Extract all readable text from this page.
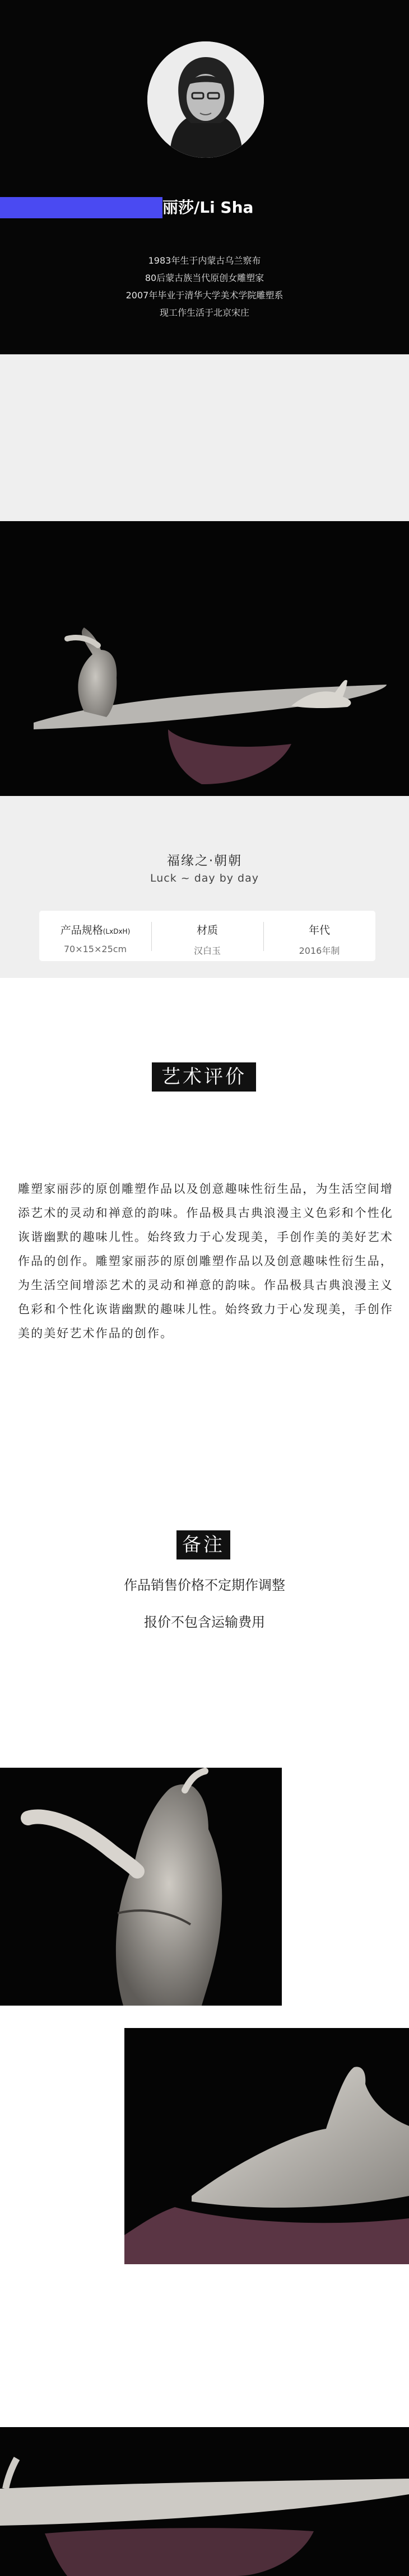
丽莎/Li Sha
1983年生于内蒙古乌兰察布
80后蒙古族当代原创女雕塑家
2007年毕业于清华大学美术学院雕塑系
现工作生活于北京宋庄
福缘之·朝朝
Luck ~ day by day
产品规格(LxDxH)
70×15×25cm
材质
汉白玉
年代
2016年制
艺术评价
雕塑家丽莎的原创雕塑作品以及创意趣味性衍生品，为生活空间增添艺术的灵动和禅意的韵味。作品极具古典浪漫主义色彩和个性化诙谐幽默的趣味儿性。始终致力于心发现美，手创作美的美好艺术作品的创作。雕塑家丽莎的原创雕塑作品以及创意趣味性衍生品，为生活空间增添艺术的灵动和禅意的韵味。作品极具古典浪漫主义色彩和个性化诙谐幽默的趣味儿性。始终致力于心发现美，手创作美的美好艺术作品的创作。
备注
作品销售价格不定期作调整
报价不包含运输费用
